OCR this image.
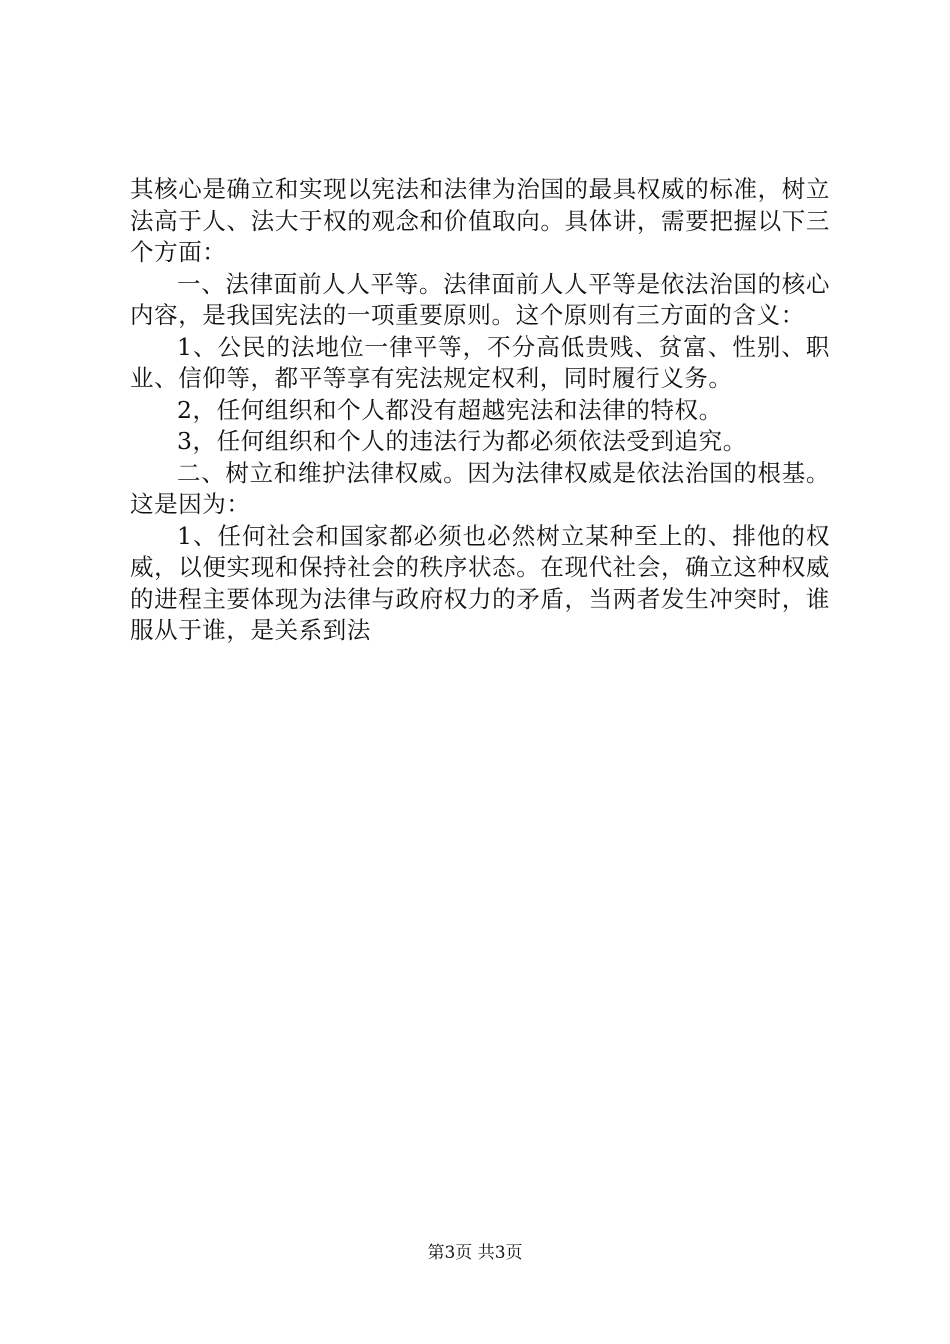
其核心是确立和实现以宪法和法律为治国的最具权威的标准，树立法高于人、法大于权的观念和价值取向。具体讲，需要把握以下三个方面：

一、法律面前人人平等。法律面前人人平等是依法治国的核心内容，是我国宪法的一项重要原则。这个原则有三方面的含义：

1、公民的法地位一律平等，不分高低贵贱、贫富、性别、职业、信仰等，都平等享有宪法规定权利，同时履行义务。

2，任何组织和个人都没有超越宪法和法律的特权。

3，任何组织和个人的违法行为都必须依法受到追究。

二、树立和维护法律权威。因为法律权威是依法治国的根基。这是因为：

1、任何社会和国家都必须也必然树立某种至上的、排他的权威，以便实现和保持社会的秩序状态。在现代社会，确立这种权威的进程主要体现为法律与政府权力的矛盾，当两者发生冲突时，谁服从于谁，是关系到法

第3页 共3页
